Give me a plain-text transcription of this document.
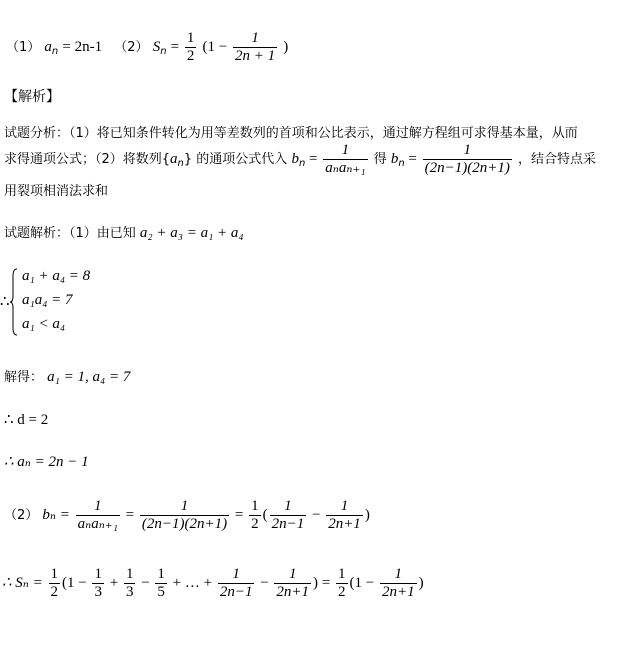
（1） $a_n = 2n-1$ （2） $S_n = \frac{1}{2} (1 - \frac{1}{2n + 1}$ )
【解析】
试题分析：（1）将已知条件转化为用等差数列的首项和公比表示，通过解方程组可求得基本量，从而
求得通项公式；（2）将数列$\{a_n\}$ 的通项公式代入 $b_n = \frac{1}{\text{aₙaₙ₊₁}}$ 得 $b_n = \frac{1}{(2n-1)(2n+1)}$ ，结合特点采
用裂项相消法求和
试题解析：（1）由已知 a₂ + a₃ = a₁ + a₄
∴
a₁ + a₄ = 8
a₁a₄ = 7
a₁ < a₄
解得： a₁ = 1, a₄ = 7
∴ d = 2
∴ aₙ = 2n − 1
（2） $b_n = \frac{1}{\text{aₙaₙ₊₁}} = \frac{1}{(2n-1)(2n+1)} = \frac{1}{2}$ ( $\frac{1}{2n-1} - \frac{1}{2n+1}$ )
∴ $S_n = \frac{1}{2} (1 - \frac{1}{3} + \frac{1}{3} - \frac{1}{5}$ + … + $\frac{1}{2n-1} - \frac{1}{2n+1}$ ) = $\frac{1}{2} (1 - \frac{1}{2n+1}$ )
